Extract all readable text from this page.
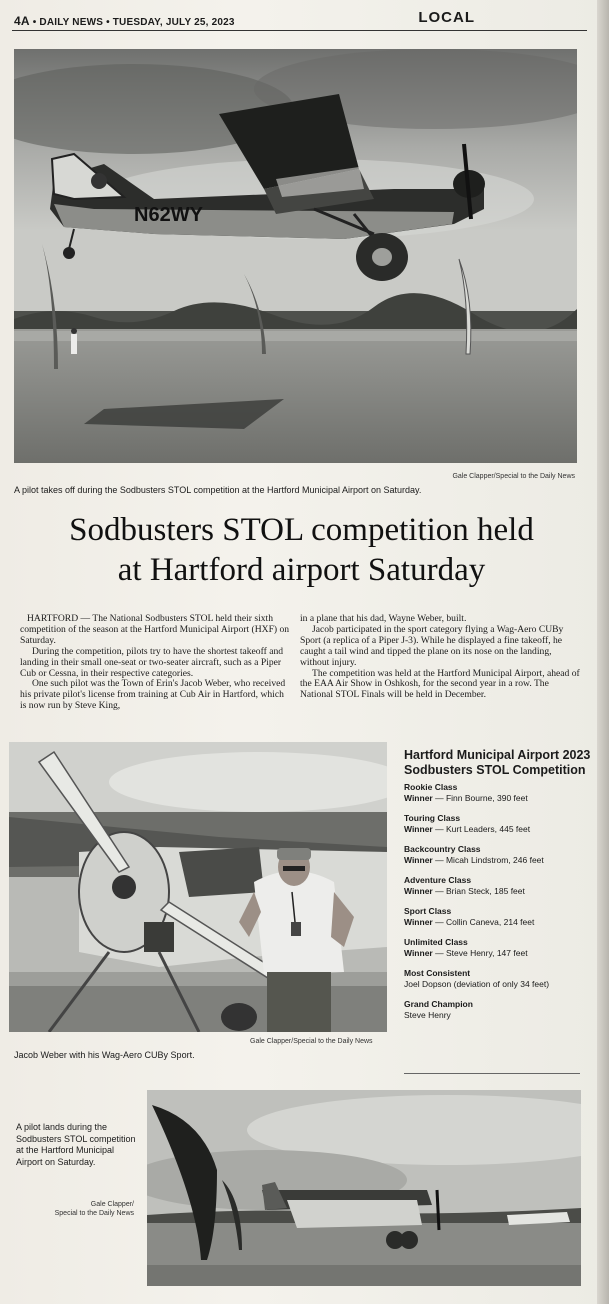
4A • DAILY NEWS • TUESDAY, JULY 25, 2023	LOCAL
N62WY
Gale Clapper/Special to the Daily News
A pilot takes off during the Sodbusters STOL competition at the Hartford Municipal Airport on Saturday.
Sodbusters STOL competition held
at Hartford airport Saturday

HARTFORD — The National Sodbusters STOL held their sixth competition of the season at the Hartford Municipal Airport (HXF) on Saturday.

During the competition, pilots try to have the shortest takeoff and landing in their small one-seat or two-seater aircraft, such as a Piper Cub or Cessna, in their respective categories.

One such pilot was the Town of Erin's Jacob Weber, who received his private pilot's license from training at Cub Air in Hartford, which is now run by Steve King,

in a plane that his dad, Wayne Weber, built.

Jacob participated in the sport category flying a Wag-Aero CUBy Sport (a replica of a Piper J-3). While he displayed a fine takeoff, he caught a tail wind and tipped the plane on its nose on the landing, without injury.

The competition was held at the Hartford Municipal Airport, ahead of the EAA Air Show in Oshkosh, for the second year in a row. The National STOL Finals will be held in December.

Gale Clapper/Special to the Daily News
Jacob Weber with his Wag-Aero CUBy Sport.
Hartford Municipal Airport 2023 Sodbusters STOL Competition
Rookie Class
Winner — Finn Bourne, 390 feet
Touring Class
Winner — Kurt Leaders, 445 feet
Backcountry Class
Winner — Micah Lindstrom, 246 feet
Adventure Class
Winner — Brian Steck, 185 feet
Sport Class
Winner — Collin Caneva, 214 feet
Unlimited Class
Winner — Steve Henry, 147 feet
Most Consistent
Joel Dopson (deviation of only 34 feet)
Grand Champion
Steve Henry
A pilot lands during the Sodbusters STOL competition at the Hartford Municipal Airport on Saturday.
Gale Clapper/
Special to the Daily News
